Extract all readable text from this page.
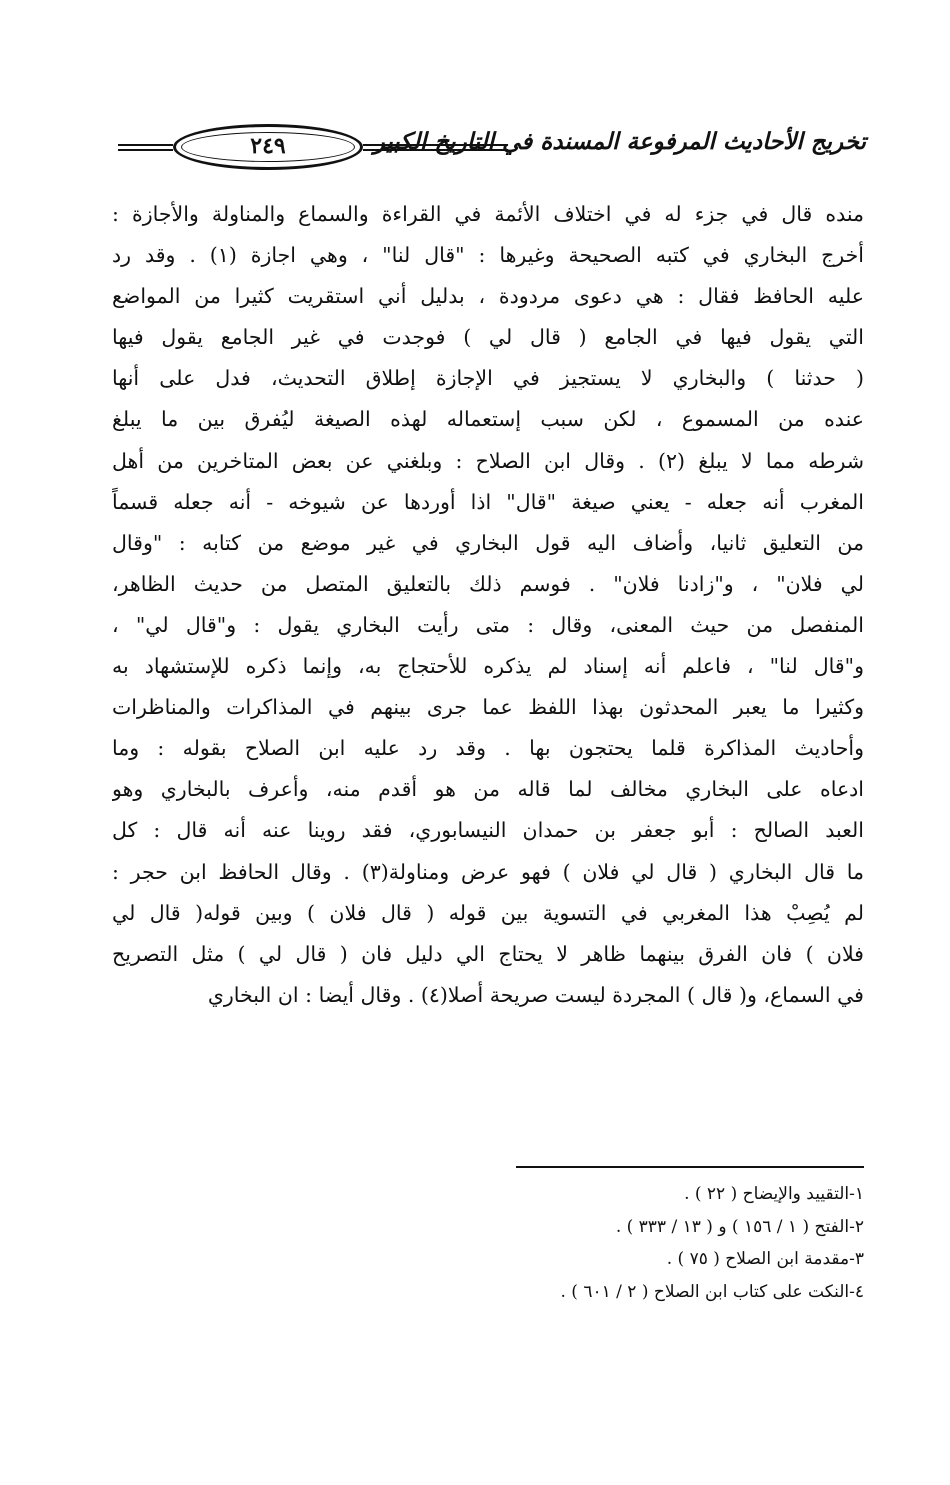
٢٤٩	تخريج الأحاديث المرفوعة المسندة في التاريخ الكبير
منده قال في جزء له في اختلاف الأئمة في القراءة والسماع والمناولة والأجازة :
أخرج البخاري في كتبه الصحيحة وغيرها : "قال لنا" ، وهي اجازة (١) . وقد رد
عليه الحافظ فقال : هي دعوى مردودة ، بدليل أني استقريت كثيرا من المواضع
التي يقول فيها في الجامع ( قال لي ) فوجدت في غير الجامع يقول فيها
( حدثنا ) والبخاري لا يستجيز في الإجازة إطلاق التحديث، فدل على أنها
عنده من المسموع ، لكن سبب إستعماله لهذه الصيغة ليُفرق بين ما يبلغ
شرطه مما لا يبلغ (٢) . وقال ابن الصلاح : وبلغني عن بعض المتاخرين من أهل
المغرب أنه جعله - يعني صيغة "قال" اذا أوردها عن شيوخه - أنه جعله قسماً
من التعليق ثانيا، وأضاف اليه قول البخاري في غير موضع من كتابه : "وقال
لي فلان" ، و"زادنا فلان" . فوسم ذلك بالتعليق المتصل من حديث الظاهر،
المنفصل من حيث المعنى، وقال : متى رأيت البخاري يقول : و"قال لي" ،
و"قال لنا" ، فاعلم أنه إسناد لم يذكره للأحتجاج به، وإنما ذكره للإستشهاد به
وكثيرا ما يعبر المحدثون بهذا اللفظ عما جرى بينهم في المذاكرات والمناظرات
وأحاديث المذاكرة قلما يحتجون بها . وقد رد عليه ابن الصلاح بقوله : وما
ادعاه على البخاري مخالف لما قاله من هو أقدم منه، وأعرف بالبخاري وهو
العبد الصالح : أبو جعفر بن حمدان النيسابوري، فقد روينا عنه أنه قال : كل
ما قال البخاري ( قال لي فلان ) فهو عرض ومناولة(٣) . وقال الحافظ ابن حجر :
لم يُصِبْ هذا المغربي في التسوية بين قوله ( قال فلان ) وبين قوله( قال لي
فلان ) فان الفرق بينهما ظاهر لا يحتاج الي دليل فان ( قال لي ) مثل التصريح
في السماع، و( قال ) المجردة ليست صريحة أصلا(٤) . وقال أيضا : ان البخاري
١-التقييد والإيضاح ( ٢٢ ) .
٢-الفتح ( ١ / ١٥٦ ) و ( ١٣ / ٣٣٣ ) .
٣-مقدمة ابن الصلاح ( ٧٥ ) .
٤-النكت على كتاب ابن الصلاح ( ٢ / ٦٠١ ) .
